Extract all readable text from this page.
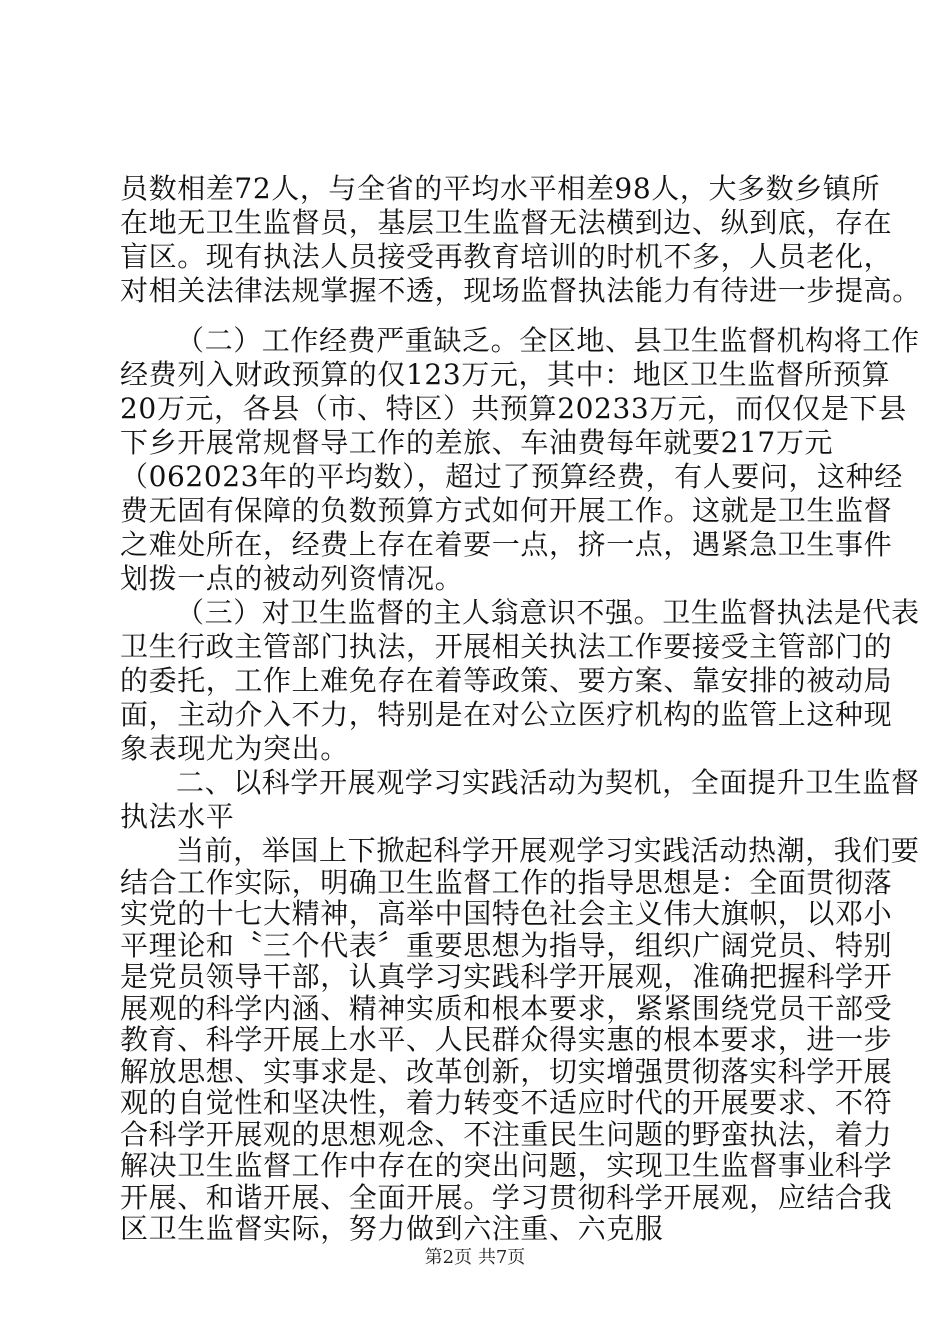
员数相差72人，与全省的平均水平相差98人，大多数乡镇所
在地无卫生监督员，基层卫生监督无法横到边、纵到底，存在
盲区。现有执法人员接受再教育培训的时机不多，人员老化，
对相关法律法规掌握不透，现场监督执法能力有待进一步提高。
（二）工作经费严重缺乏。全区地、县卫生监督机构将工作
经费列入财政预算的仅123万元，其中：地区卫生监督所预算
20万元，各县（市、特区）共预算20233万元，而仅仅是下县
下乡开展常规督导工作的差旅、车油费每年就要217万元
（062023年的平均数），超过了预算经费，有人要问，这种经
费无固有保障的负数预算方式如何开展工作。这就是卫生监督
之难处所在，经费上存在着要一点，挤一点，遇紧急卫生事件
划拨一点的被动列资情况。
（三）对卫生监督的主人翁意识不强。卫生监督执法是代表
卫生行政主管部门执法，开展相关执法工作要接受主管部门的
的委托，工作上难免存在着等政策、要方案、靠安排的被动局
面，主动介入不力，特别是在对公立医疗机构的监管上这种现
象表现尤为突出。
二、以科学开展观学习实践活动为契机，全面提升卫生监督
执法水平
当前，举国上下掀起科学开展观学习实践活动热潮，我们要
结合工作实际，明确卫生监督工作的指导思想是：全面贯彻落
实党的十七大精神，高举中国特色社会主义伟大旗帜，以邓小
平理论和〝三个代表〞重要思想为指导，组织广阔党员、特别
是党员领导干部，认真学习实践科学开展观，准确把握科学开
展观的科学内涵、精神实质和根本要求，紧紧围绕党员干部受
教育、科学开展上水平、人民群众得实惠的根本要求，进一步
解放思想、实事求是、改革创新，切实增强贯彻落实科学开展
观的自觉性和坚决性，着力转变不适应时代的开展要求、不符
合科学开展观的思想观念、不注重民生问题的野蛮执法，着力
解决卫生监督工作中存在的突出问题，实现卫生监督事业科学
开展、和谐开展、全面开展。学习贯彻科学开展观，应结合我
第2页 共7页
区卫生监督实际，努力做到六注重、六克服
